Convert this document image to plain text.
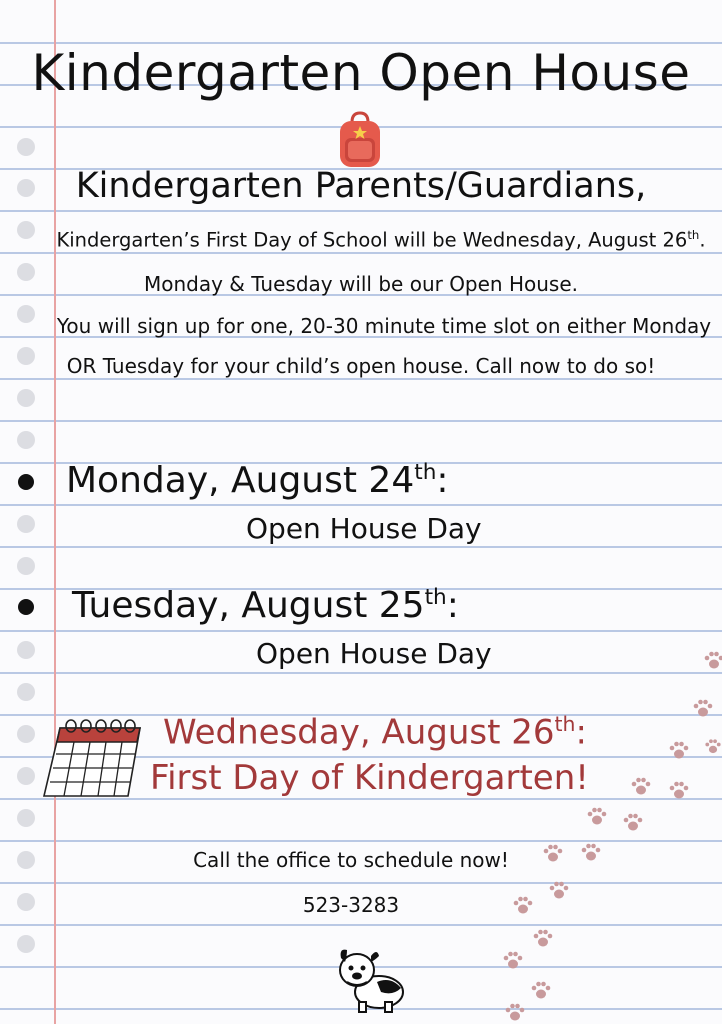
Kindergarten Open House
Kindergarten Parents/Guardians,
Kindergarten’s First Day of School will be Wednesday, August 26th.
Monday & Tuesday will be our Open House.
You will sign up for one, 20-30 minute time slot on either Monday
OR Tuesday for your child’s open house. Call now to do so!
Monday, August 24th:
Open House Day
Tuesday, August 25th:
Open House Day
Wednesday, August 26th:
First Day of Kindergarten!
Call the office to schedule now!
523-3283
